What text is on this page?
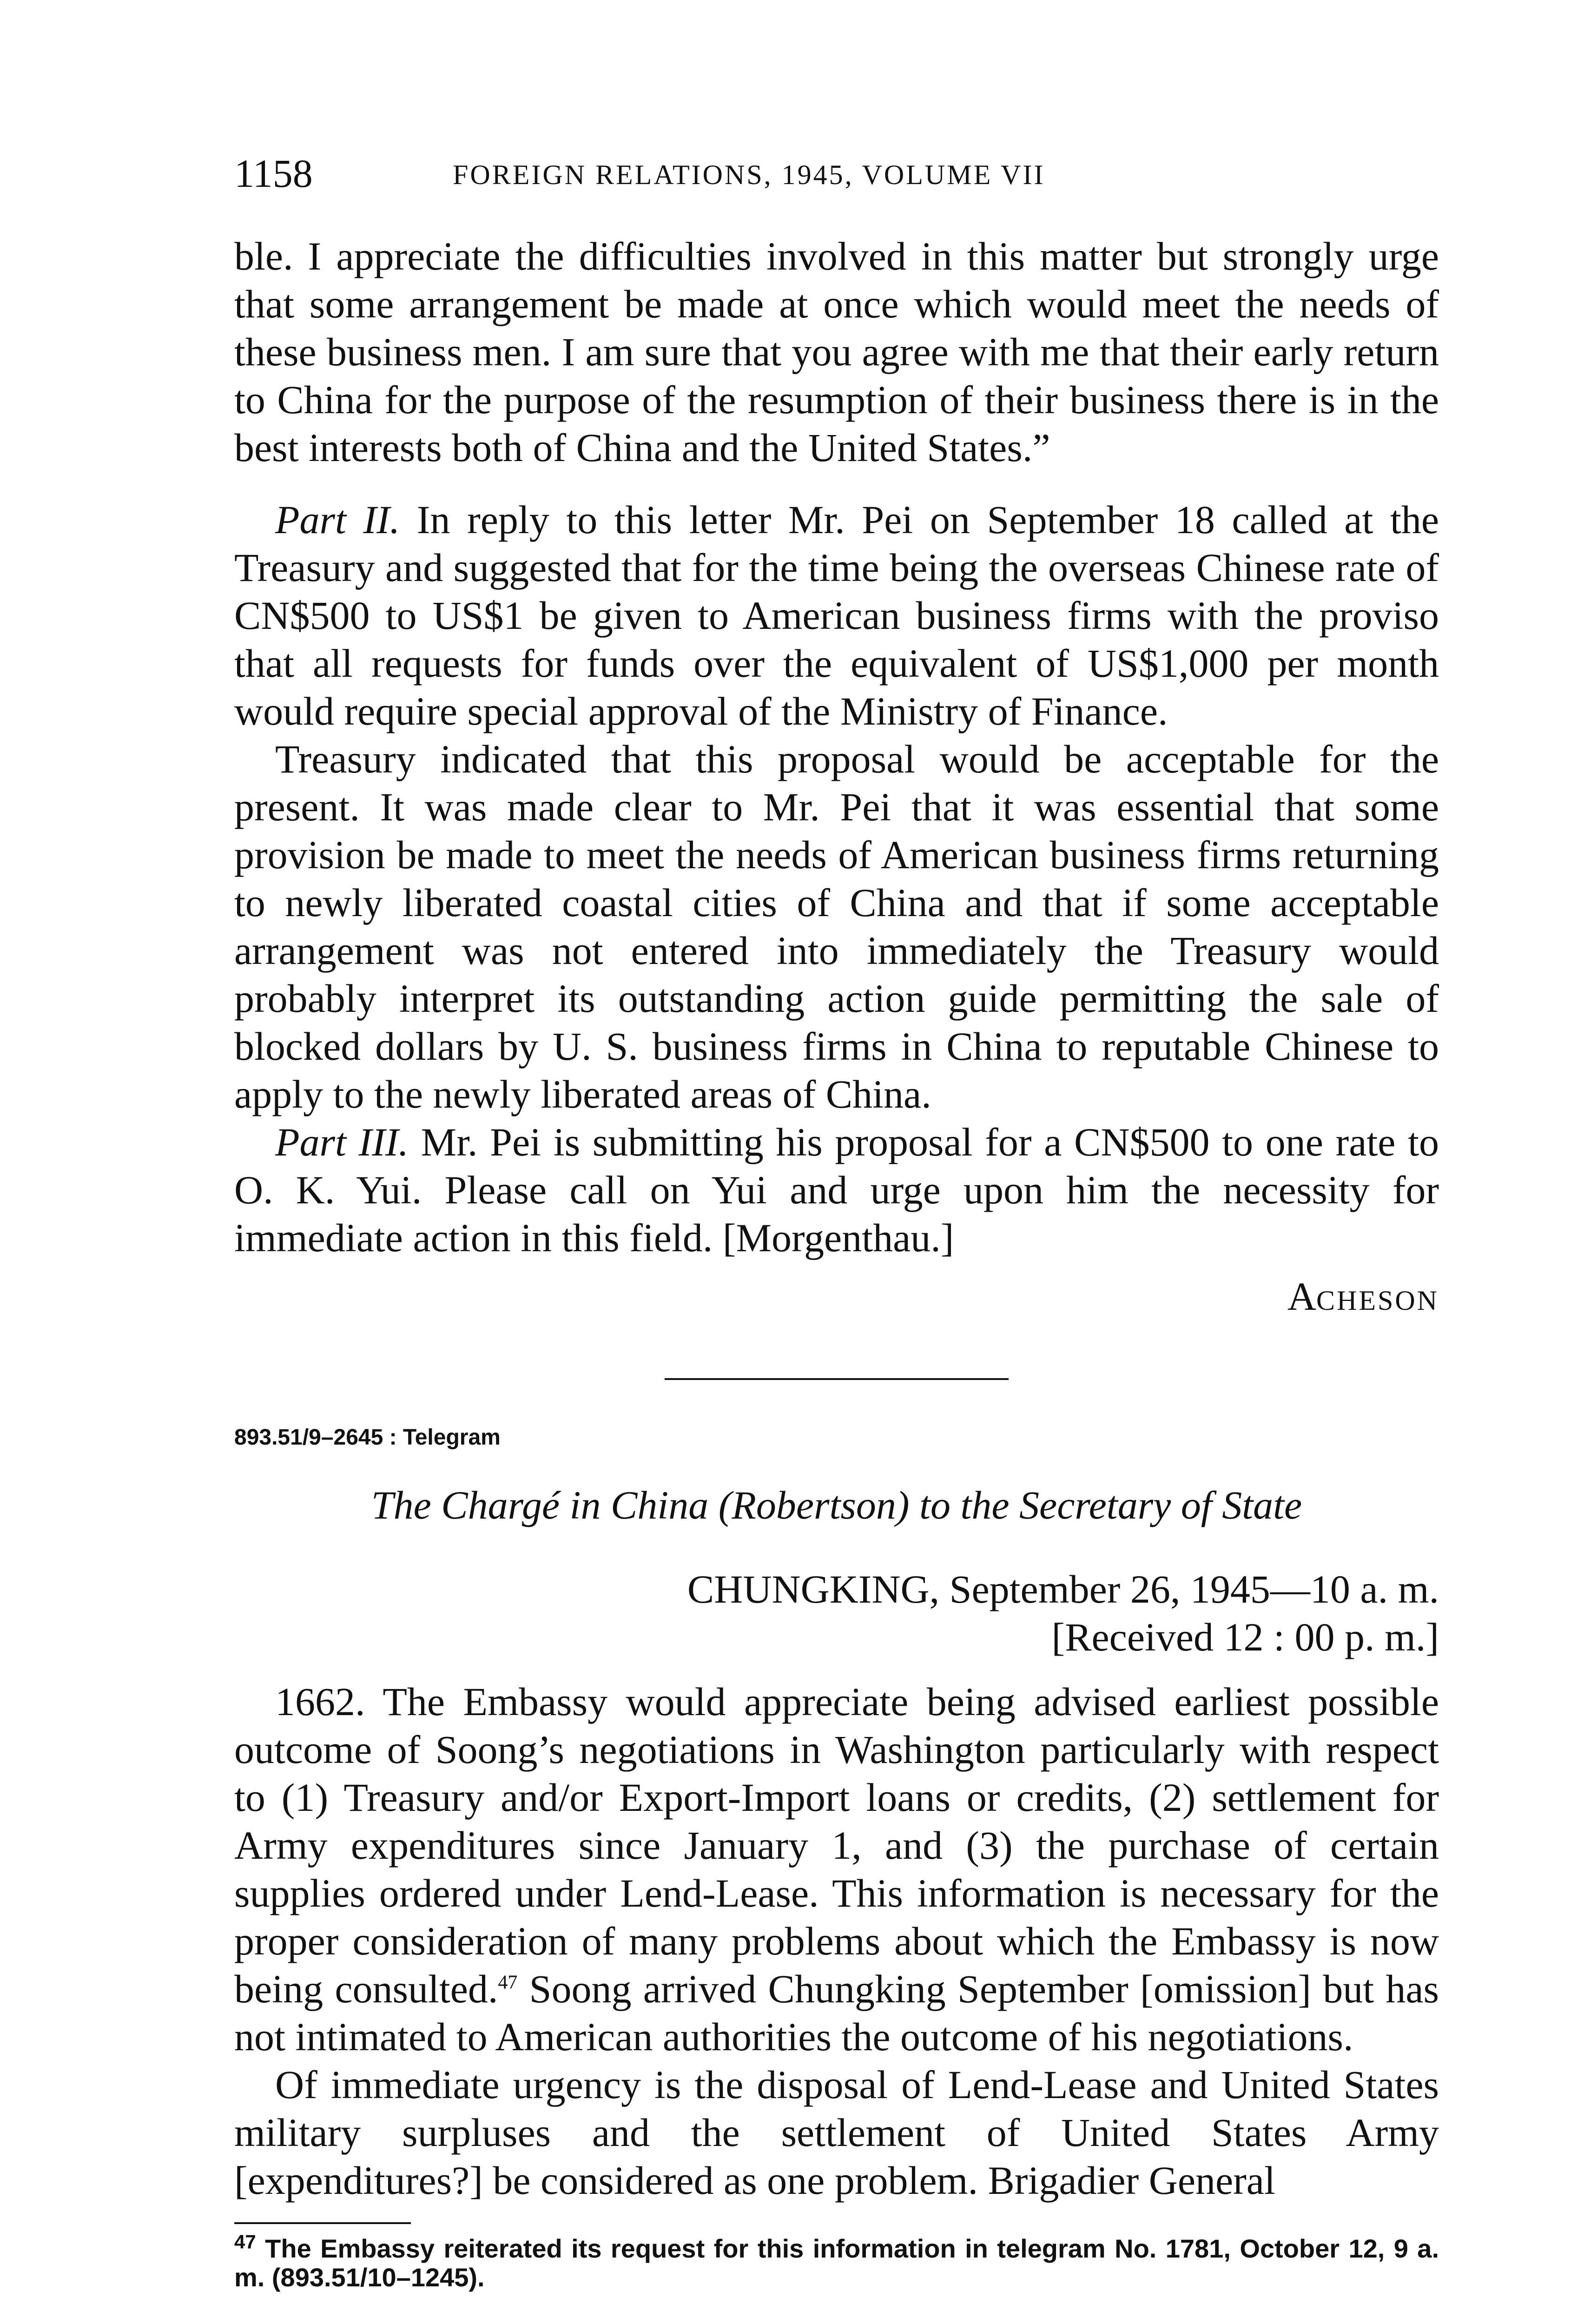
1158	FOREIGN RELATIONS, 1945, VOLUME VII

ble. I appreciate the difficulties involved in this matter but strongly urge that some arrangement be made at once which would meet the needs of these business men. I am sure that you agree with me that their early return to China for the purpose of the resumption of their business there is in the best interests both of China and the United States.”

Part II. In reply to this letter Mr. Pei on September 18 called at the Treasury and suggested that for the time being the overseas Chinese rate of CN$500 to US$1 be given to American business firms with the proviso that all requests for funds over the equivalent of US$1,000 per month would require special approval of the Ministry of Finance.

Treasury indicated that this proposal would be acceptable for the present. It was made clear to Mr. Pei that it was essential that some provision be made to meet the needs of American business firms returning to newly liberated coastal cities of China and that if some acceptable arrangement was not entered into immediately the Treasury would probably interpret its outstanding action guide permitting the sale of blocked dollars by U. S. business firms in China to reputable Chinese to apply to the newly liberated areas of China.

Part III. Mr. Pei is submitting his proposal for a CN$500 to one rate to O. K. Yui. Please call on Yui and urge upon him the necessity for immediate action in this field. [Morgenthau.]

ACHESON
893.51/9–2645 : Telegram
The Chargé in China (Robertson) to the Secretary of State
CHUNGKING, September 26, 1945—10 a. m.
[Received 12 : 00 p. m.]

1662. The Embassy would appreciate being advised earliest possible outcome of Soong’s negotiations in Washington particularly with respect to (1) Treasury and/or Export-Import loans or credits, (2) settlement for Army expenditures since January 1, and (3) the purchase of certain supplies ordered under Lend-Lease. This information is necessary for the proper consideration of many problems about which the Embassy is now being consulted.$^{47}$ Soong arrived Chungking September [omission] but has not intimated to American authorities the outcome of his negotiations.

Of immediate urgency is the disposal of Lend-Lease and United States military surpluses and the settlement of United States Army [expenditures?] be considered as one problem. Brigadier General

$^{47}$ The Embassy reiterated its request for this information in telegram No. 1781, October 12, 9 a. m. (893.51/10–1245).
